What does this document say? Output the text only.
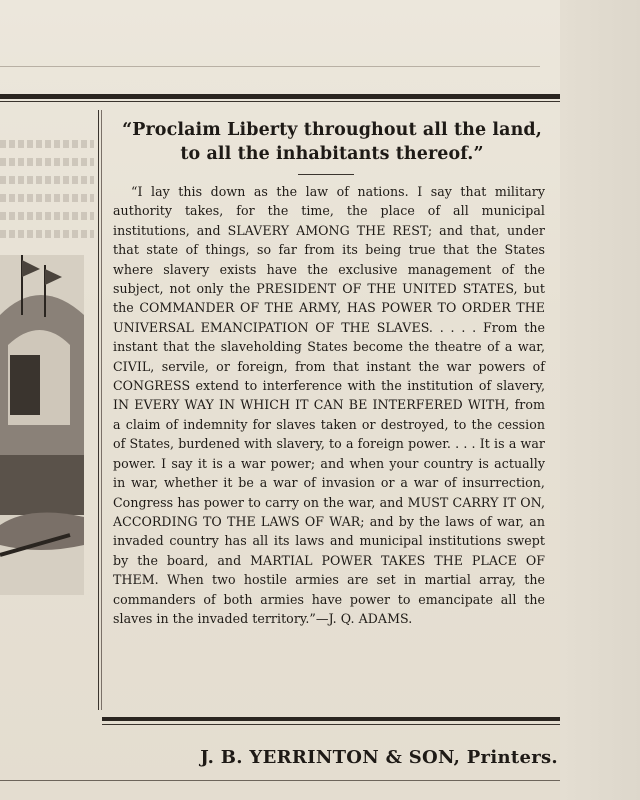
“Proclaim Liberty throughout all the land, to all the inhabitants thereof.”

“I lay this down as the law of nations. I say that military authority takes, for the time, the place of all municipal institutions, and SLAVERY AMONG THE REST; and that, under that state of things, so far from its being true that the States where slavery exists have the exclusive management of the subject, not only the PRESIDENT OF THE UNITED STATES, but the COMMANDER OF THE ARMY, HAS POWER TO ORDER THE UNIVERSAL EMANCIPATION OF THE SLAVES. . . . . From the instant that the slaveholding States become the theatre of a war, CIVIL, servile, or foreign, from that instant the war powers of CONGRESS extend to interference with the institution of slavery, IN EVERY WAY IN WHICH IT CAN BE INTERFERED WITH, from a claim of indemnity for slaves taken or destroyed, to the cession of States, burdened with slavery, to a foreign power. . . . It is a war power. I say it is a war power; and when your country is actually in war, whether it be a war of invasion or a war of insurrection, Congress has power to carry on the war, and MUST CARRY IT ON, ACCORDING TO THE LAWS OF WAR; and by the laws of war, an invaded country has all its laws and municipal institutions swept by the board, and MARTIAL POWER TAKES THE PLACE OF THEM. When two hostile armies are set in martial array, the commanders of both armies have power to emancipate all the slaves in the invaded territory.”—J. Q. ADAMS.

J. B. YERRINTON & SON, Printers.
